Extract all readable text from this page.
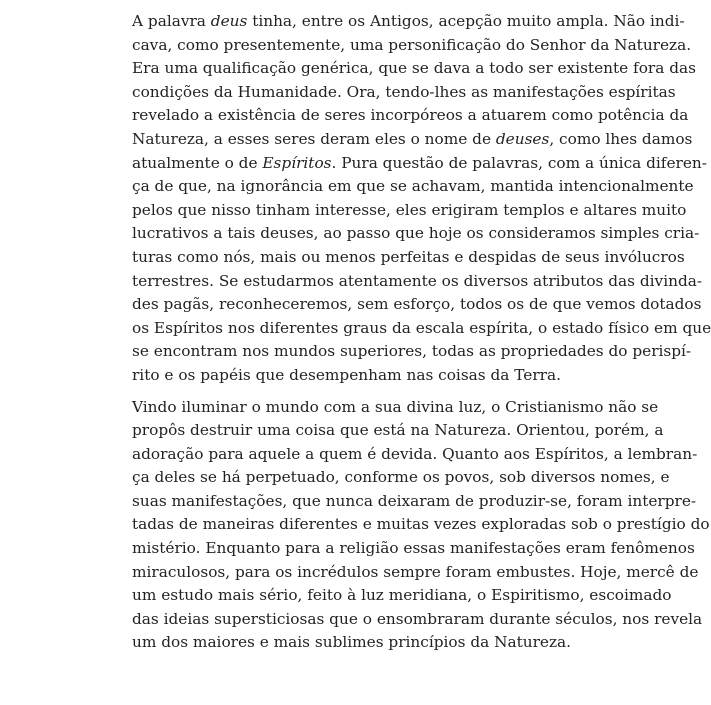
A palavra deus tinha, entre os Antigos, acepção muito ampla. Não indi-
cava, como presentemente, uma personificação do Senhor da Natureza.
Era uma qualificação genérica, que se dava a todo ser existente fora das
condições da Humanidade. Ora, tendo-lhes as manifestações espíritas
revelado a existência de seres incorpóreos a atuarem como potência da
Natureza, a esses seres deram eles o nome de deuses, como lhes damos
atualmente o de Espíritos. Pura questão de palavras, com a única diferen-
ça de que, na ignorância em que se achavam, mantida intencionalmente
pelos que nisso tinham interesse, eles erigiram templos e altares muito
lucrativos a tais deuses, ao passo que hoje os consideramos simples cria-
turas como nós, mais ou menos perfeitas e despidas de seus invólucros
terrestres. Se estudarmos atentamente os diversos atributos das divinda-
des pagãs, reconheceremos, sem esforço, todos os de que vemos dotados
os Espíritos nos diferentes graus da escala espírita, o estado físico em que
se encontram nos mundos superiores, todas as propriedades do perispí-
rito e os papéis que desempenham nas coisas da Terra.
Vindo iluminar o mundo com a sua divina luz, o Cristianismo não se
propôs destruir uma coisa que está na Natureza. Orientou, porém, a
adoração para aquele a quem é devida. Quanto aos Espíritos, a lembran-
ça deles se há perpetuado, conforme os povos, sob diversos nomes, e
suas manifestações, que nunca deixaram de produzir-se, foram interpre-
tadas de maneiras diferentes e muitas vezes exploradas sob o prestígio do
mistério. Enquanto para a religião essas manifestações eram fenômenos
miraculosos, para os incrédulos sempre foram embustes. Hoje, mercê de
um estudo mais sério, feito à luz meridiana, o Espiritismo, escoimado
das ideias supersticiosas que o ensombraram durante séculos, nos revela
um dos maiores e mais sublimes princípios da Natureza.
